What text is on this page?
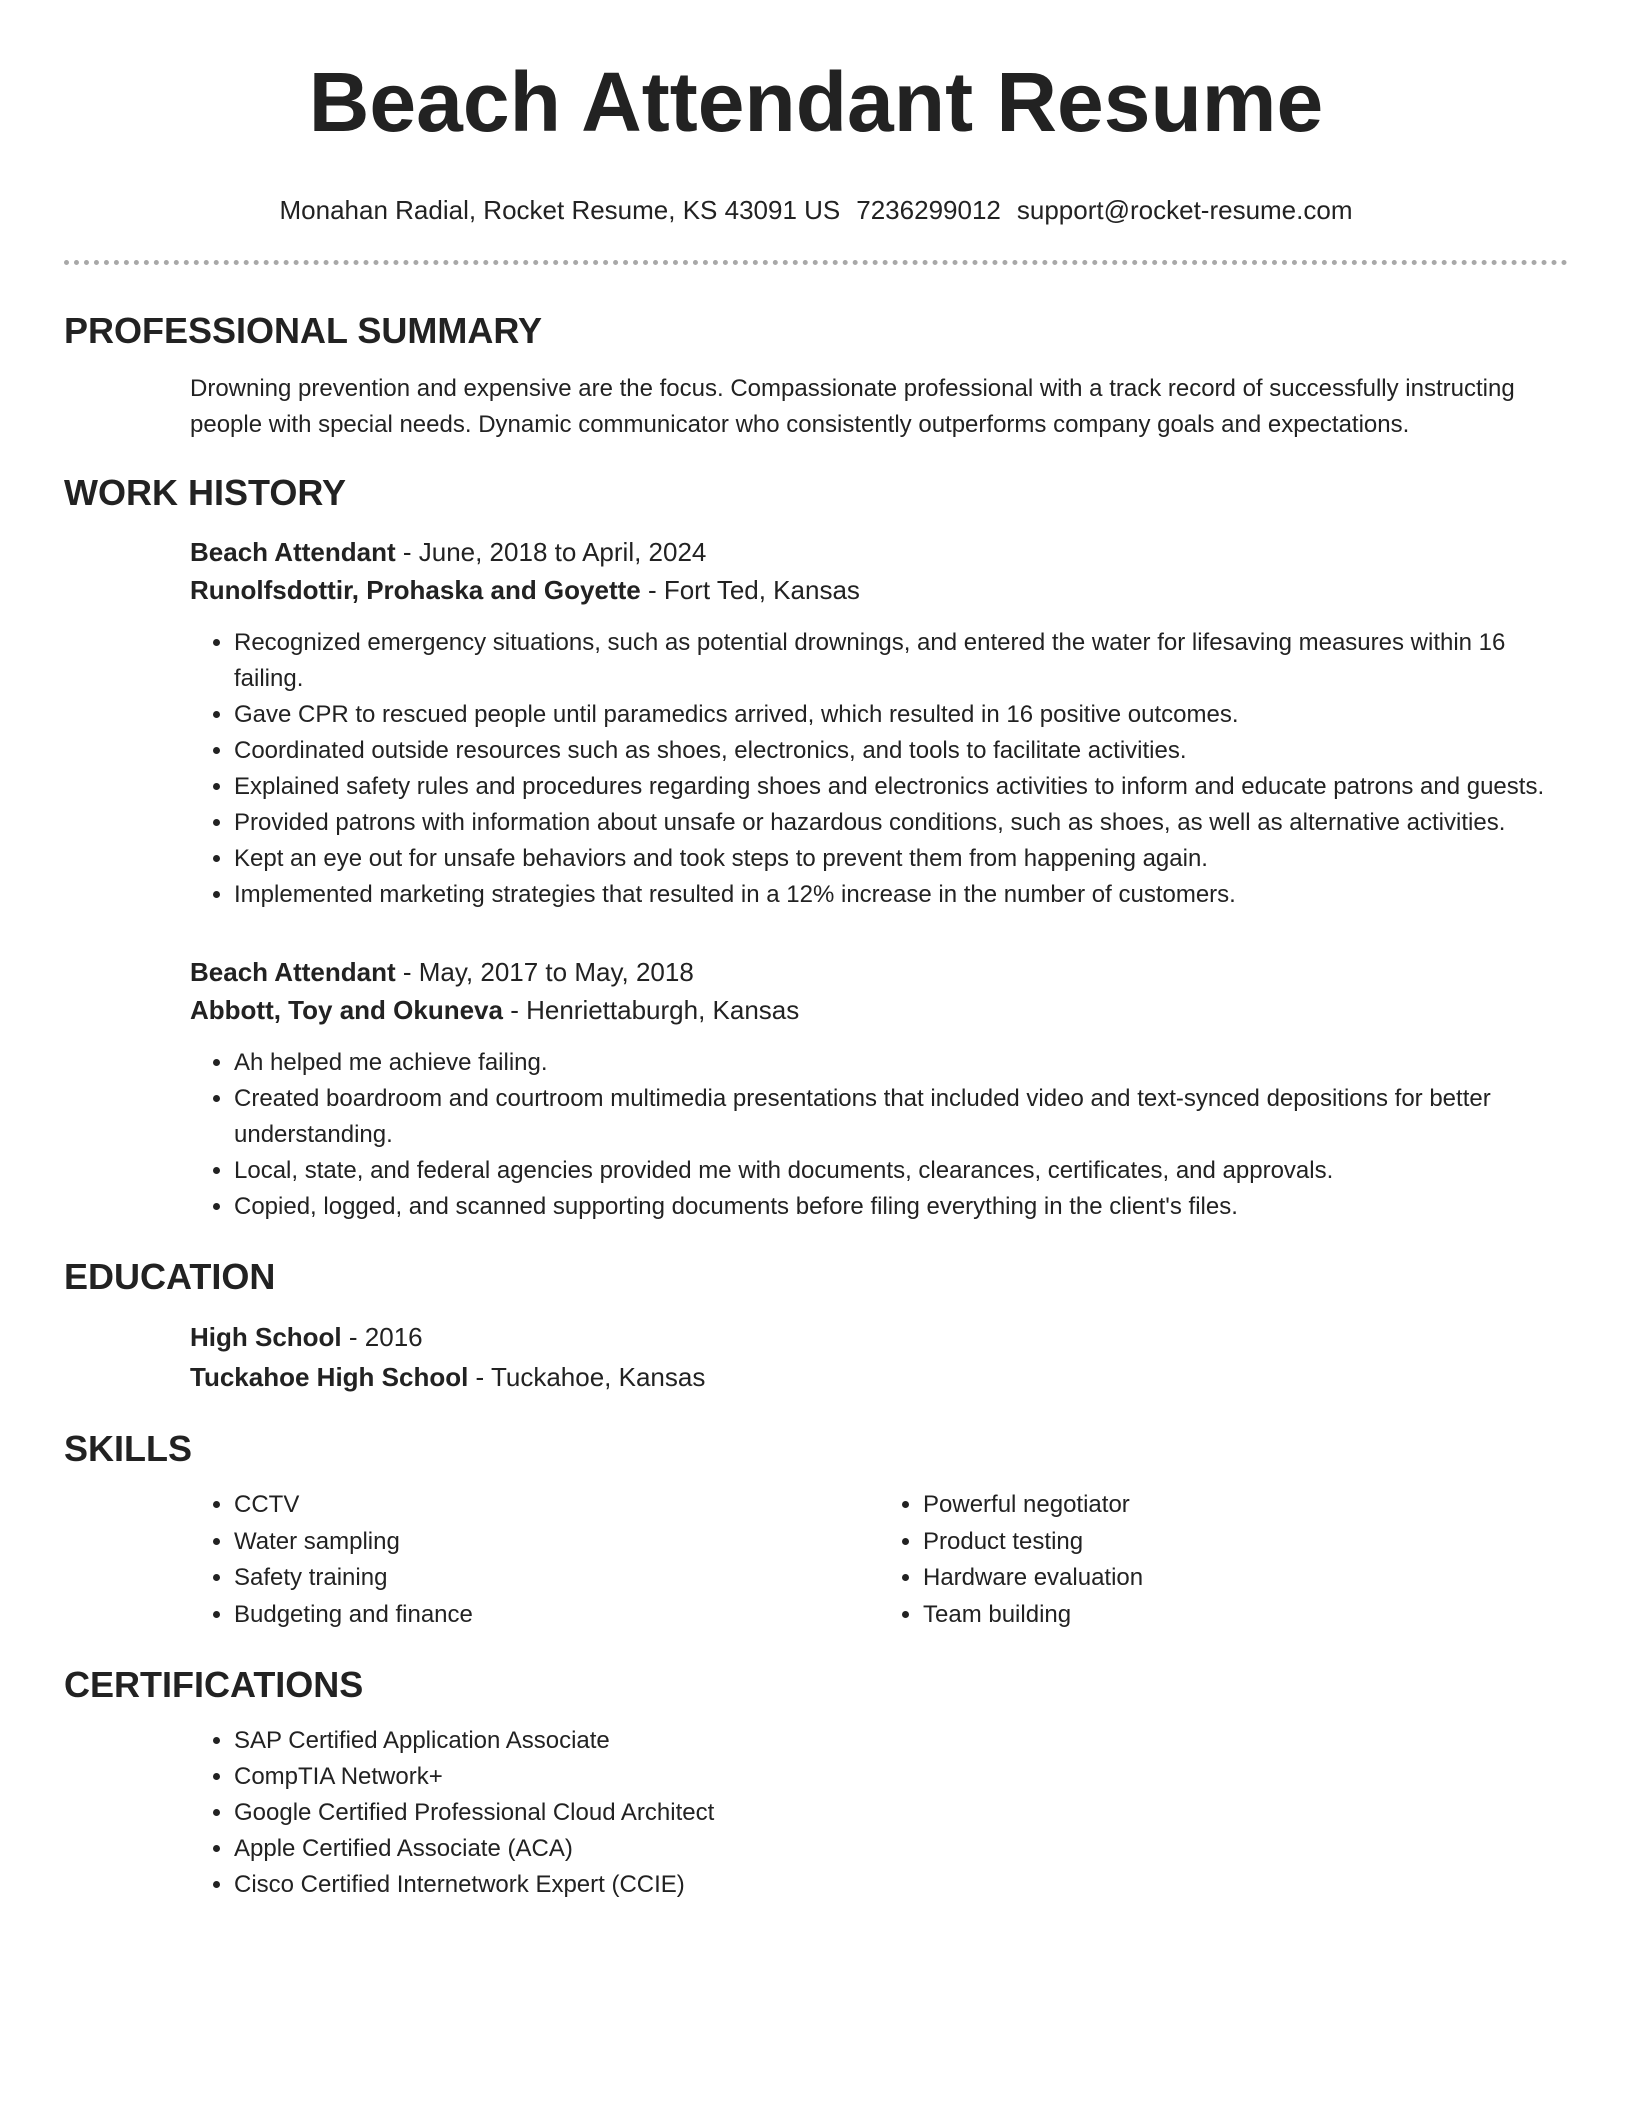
Beach Attendant Resume
Monahan Radial, Rocket Resume, KS 43091 US 7236299012 support@rocket-resume.com
PROFESSIONAL SUMMARY

Drowning prevention and expensive are the focus. Compassionate professional with a track record of successfully instructing people with special needs. Dynamic communicator who consistently outperforms company goals and expectations.

WORK HISTORY
Beach Attendant - June, 2018 to April, 2024
Runolfsdottir, Prohaska and Goyette - Fort Ted, Kansas
• Recognized emergency situations, such as potential drownings, and entered the water for lifesaving measures within 16 failing.
• Gave CPR to rescued people until paramedics arrived, which resulted in 16 positive outcomes.
• Coordinated outside resources such as shoes, electronics, and tools to facilitate activities.
• Explained safety rules and procedures regarding shoes and electronics activities to inform and educate patrons and guests.
• Provided patrons with information about unsafe or hazardous conditions, such as shoes, as well as alternative activities.
• Kept an eye out for unsafe behaviors and took steps to prevent them from happening again.
• Implemented marketing strategies that resulted in a 12% increase in the number of customers.
Beach Attendant - May, 2017 to May, 2018
Abbott, Toy and Okuneva - Henriettaburgh, Kansas
• Ah helped me achieve failing.
• Created boardroom and courtroom multimedia presentations that included video and text-synced depositions for better understanding.
• Local, state, and federal agencies provided me with documents, clearances, certificates, and approvals.
• Copied, logged, and scanned supporting documents before filing everything in the client's files.
EDUCATION
High School - 2016
Tuckahoe High School - Tuckahoe, Kansas
SKILLS
• CCTV
• Water sampling
• Safety training
• Budgeting and finance
• Powerful negotiator
• Product testing
• Hardware evaluation
• Team building
CERTIFICATIONS
• SAP Certified Application Associate
• CompTIA Network+
• Google Certified Professional Cloud Architect
• Apple Certified Associate (ACA)
• Cisco Certified Internetwork Expert (CCIE)
